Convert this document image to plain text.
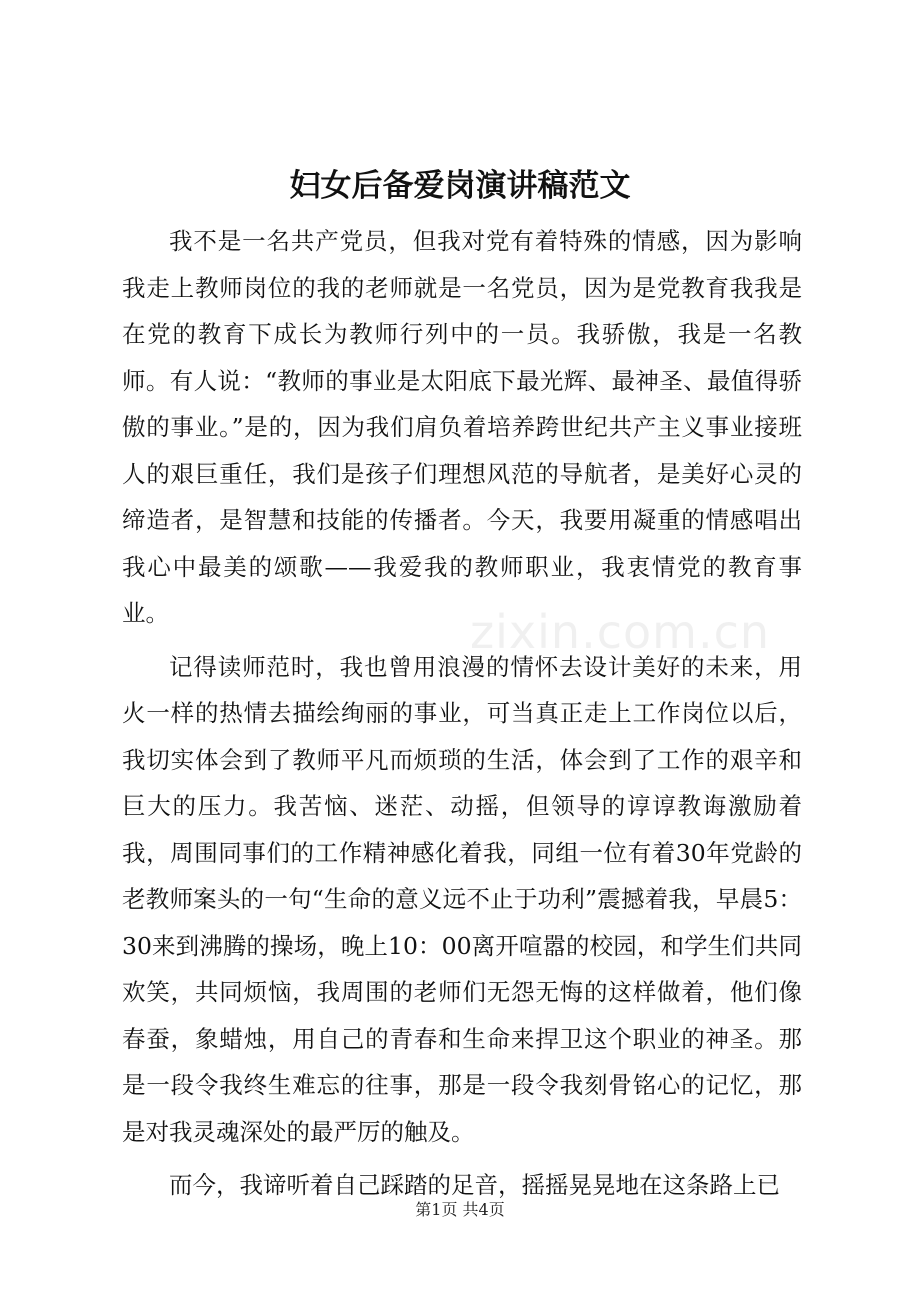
妇女后备爱岗演讲稿范文

我不是一名共产党员，但我对党有着特殊的情感，因为影响我走上教师岗位的我的老师就是一名党员，因为是党教育我我是在党的教育下成长为教师行列中的一员。我骄傲，我是一名教师。有人说：“教师的事业是太阳底下最光辉、最神圣、最值得骄傲的事业。”是的，因为我们肩负着培养跨世纪共产主义事业接班人的艰巨重任，我们是孩子们理想风范的导航者，是美好心灵的缔造者，是智慧和技能的传播者。今天，我要用凝重的情感唱出我心中最美的颂歌——我爱我的教师职业，我衷情党的教育事业。

记得读师范时，我也曾用浪漫的情怀去设计美好的未来，用火一样的热情去描绘绚丽的事业，可当真正走上工作岗位以后，我切实体会到了教师平凡而烦琐的生活，体会到了工作的艰辛和巨大的压力。我苦恼、迷茫、动摇，但领导的谆谆教诲激励着我，周围同事们的工作精神感化着我，同组一位有着30年党龄的老教师案头的一句“生命的意义远不止于功利”震撼着我，早晨5：30来到沸腾的操场，晚上10：00离开喧嚣的校园，和学生们共同欢笑，共同烦恼，我周围的老师们无怨无悔的这样做着，他们像春蚕，象蜡烛，用自己的青春和生命来捍卫这个职业的神圣。那是一段令我终生难忘的往事，那是一段令我刻骨铭心的记忆，那是对我灵魂深处的最严厉的触及。

而今，我谛听着自己踩踏的足音，摇摇晃晃地在这条路上已

zixin.com.cn
第1页 共4页
